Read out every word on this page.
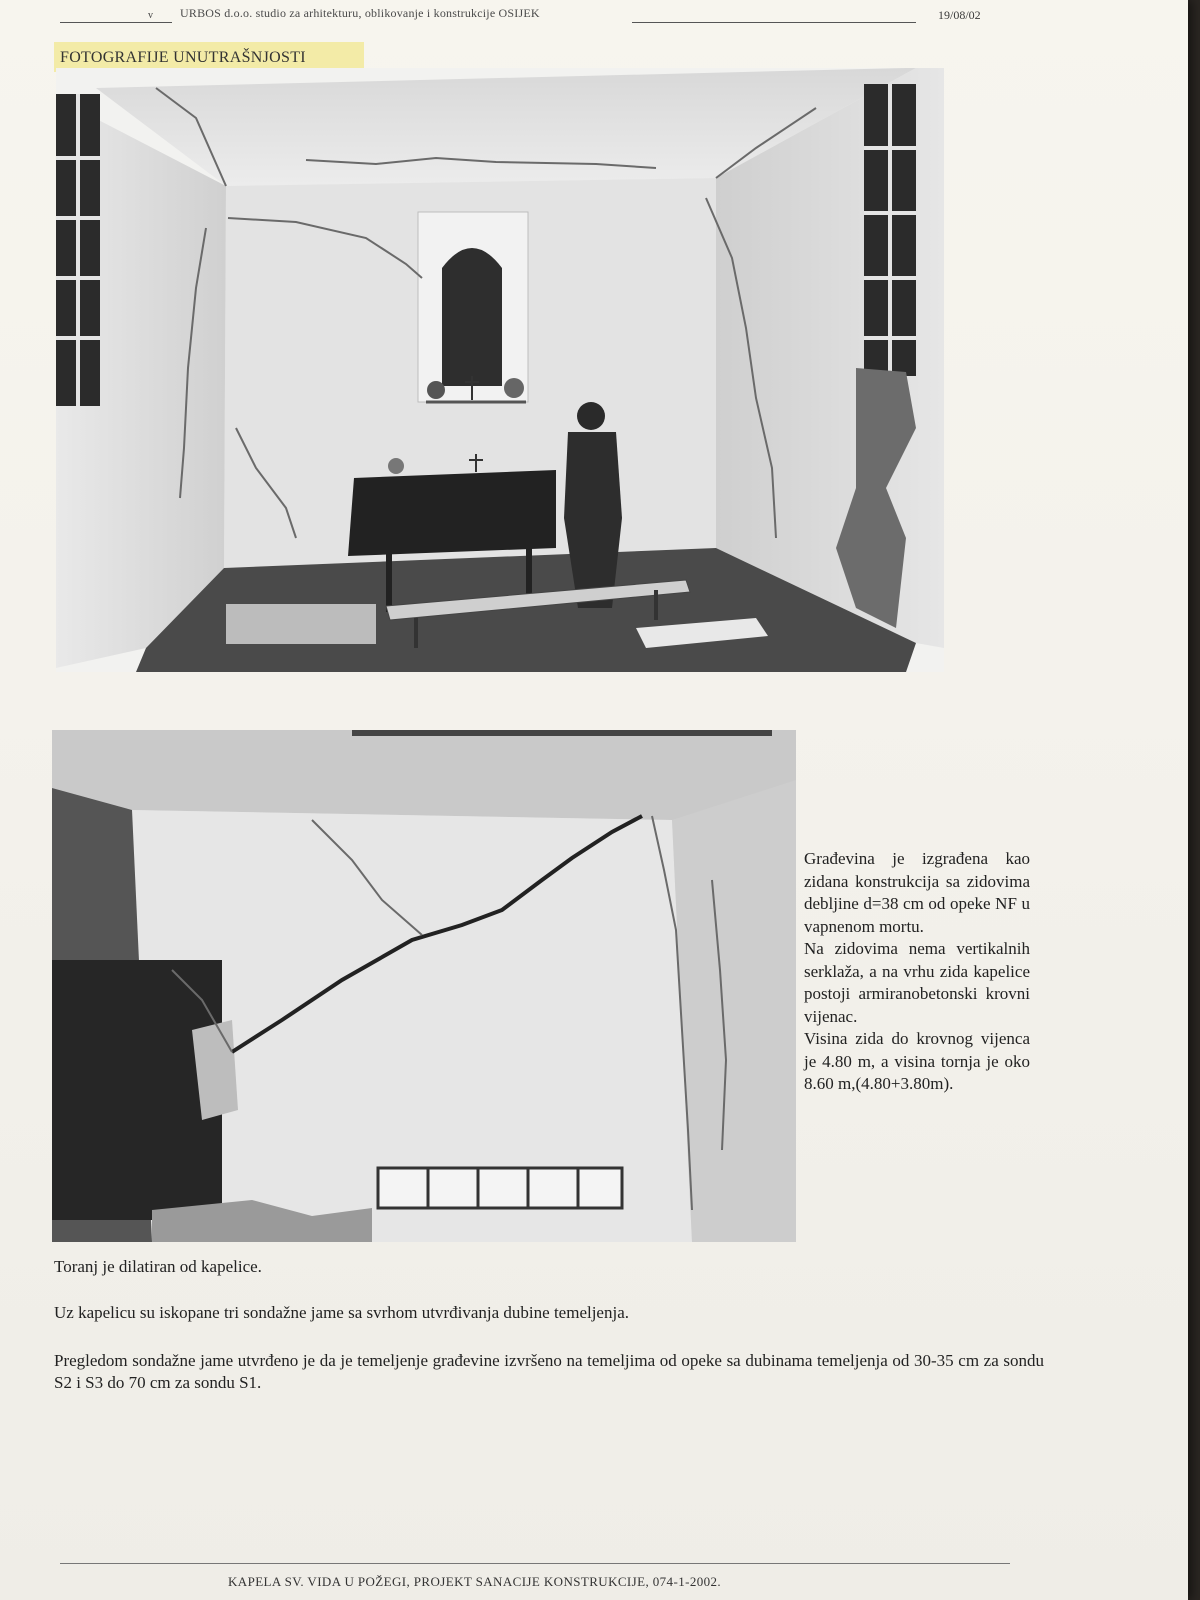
v URBOS d.o.o. studio za arhitekturu, oblikovanje i konstrukcije OSIJEK	19/08/02
FOTOGRAFIJE UNUTRAŠNJOSTI

Građevina je izgrađena kao zidana konstrukcija sa zidovima debljine d=38 cm od opeke NF u vapnenom mortu.

Na zidovima nema vertikalnih serklaža, a na vrhu zida kapelice postoji armiranobetonski krovni vijenac.

Visina zida do krovnog vijenca je 4.80 m, a visina tornja je oko 8.60 m,(4.80+3.80m).

Toranj je dilatiran od kapelice.
Uz kapelicu su iskopane tri sondažne jame sa svrhom utvrđivanja dubine temeljenja.
Pregledom sondažne jame utvrđeno je da je temeljenje građevine izvršeno na temeljima od opeke sa dubinama temeljenja od 30-35 cm za sondu S2 i S3 do 70 cm za sondu S1.
KAPELA SV. VIDA U POŽEGI, PROJEKT SANACIJE KONSTRUKCIJE, 074-1-2002.
